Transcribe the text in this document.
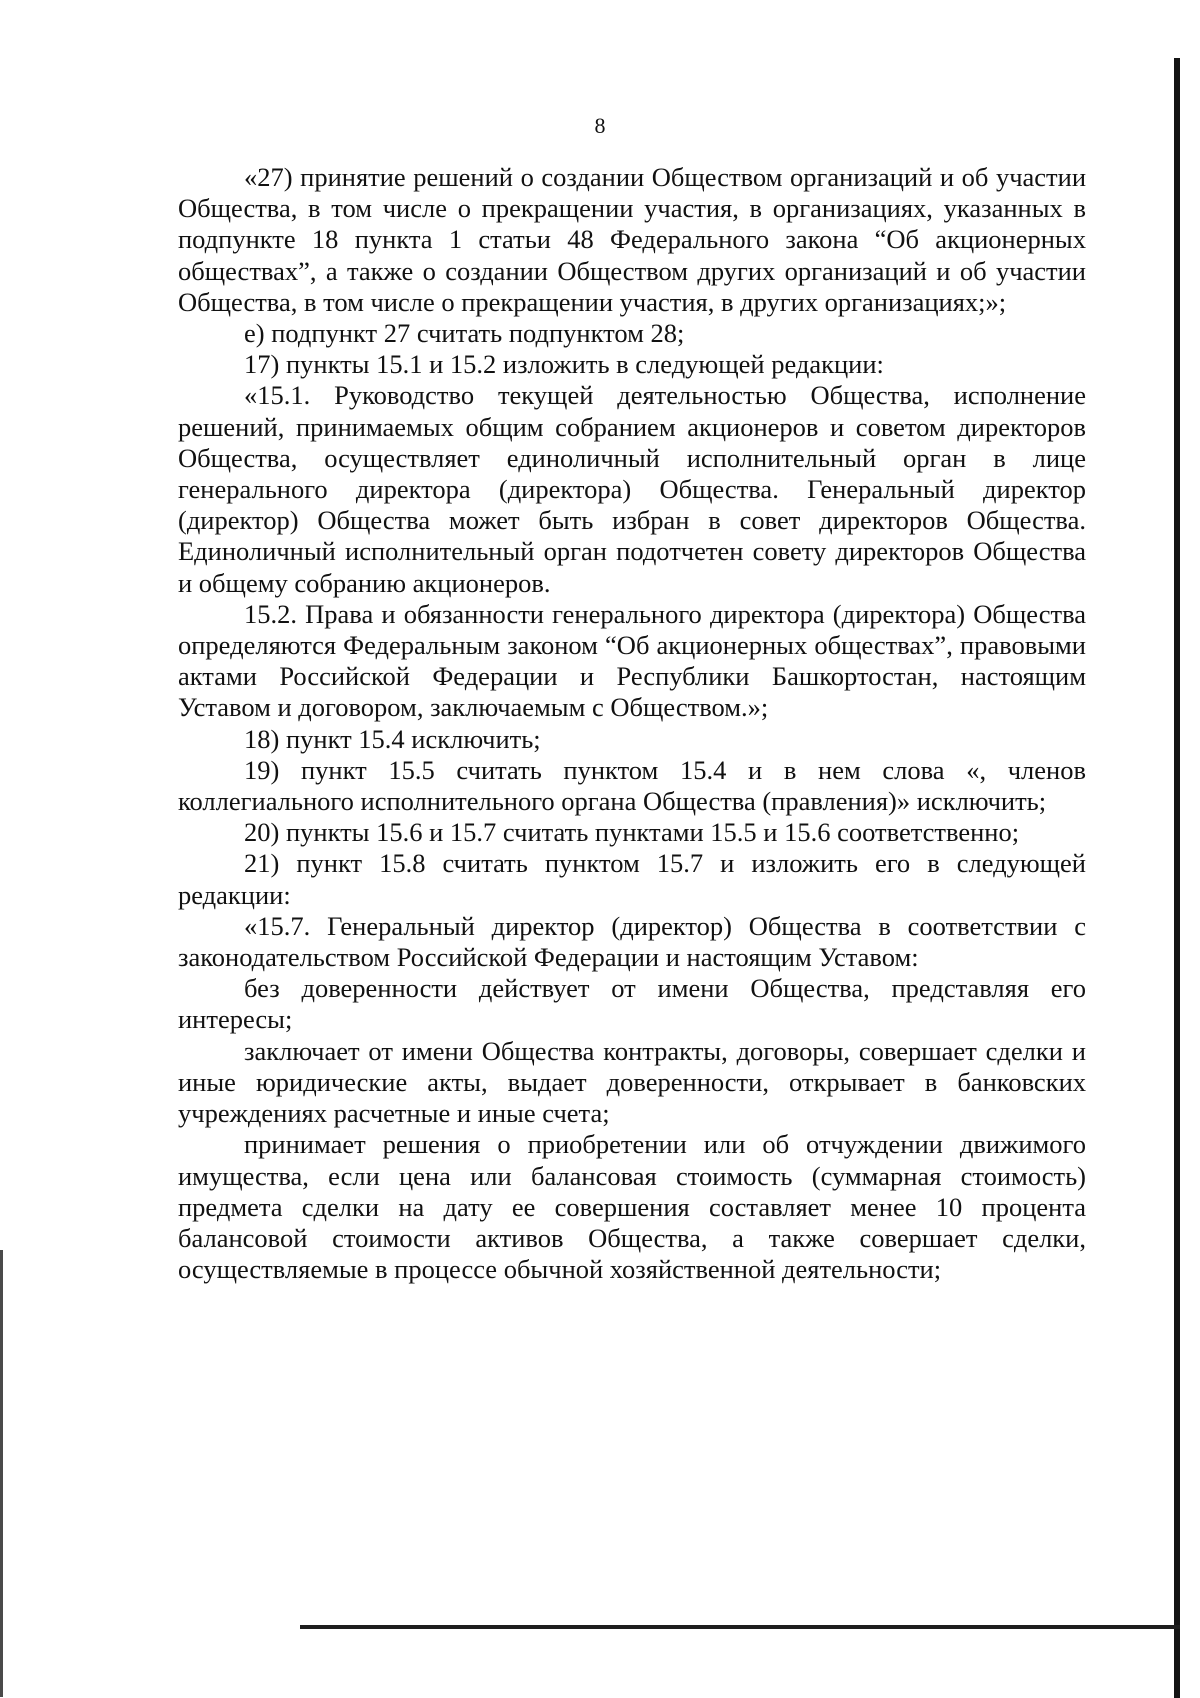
8

«27) принятие решений о создании Обществом организаций и об участии Общества, в том числе о прекращении участия, в организациях, указанных в подпункте 18 пункта 1 статьи 48 Федерального закона “Об акционерных обществах”, а также о создании Обществом других организаций и об участии Общества, в том числе о прекращении участия, в других организациях;»;

е) подпункт 27 считать подпунктом 28;

17) пункты 15.1 и 15.2 изложить в следующей редакции:

«15.1. Руководство текущей деятельностью Общества, исполнение решений, принимаемых общим собранием акционеров и советом директоров Общества, осуществляет единоличный исполнительный орган в лице генерального директора (директора) Общества. Генеральный директор (директор) Общества может быть избран в совет директоров Общества. Единоличный исполнительный орган подотчетен совету директоров Общества и общему собранию акционеров.

15.2. Права и обязанности генерального директора (директора) Общества определяются Федеральным законом “Об акционерных обществах”, правовыми актами Российской Федерации и Республики Башкортостан, настоящим Уставом и договором, заключаемым с Обществом.»;

18) пункт 15.4 исключить;

19) пункт 15.5 считать пунктом 15.4 и в нем слова «, членов коллегиального исполнительного органа Общества (правления)» исключить;

20) пункты 15.6 и 15.7 считать пунктами 15.5 и 15.6 соответственно;

21) пункт 15.8 считать пунктом 15.7 и изложить его в следующей редакции:

«15.7. Генеральный директор (директор) Общества в соответствии с законодательством Российской Федерации и настоящим Уставом:

без доверенности действует от имени Общества, представляя его интересы;

заключает от имени Общества контракты, договоры, совершает сделки и иные юридические акты, выдает доверенности, открывает в банковских учреждениях расчетные и иные счета;

принимает решения о приобретении или об отчуждении движимого имущества, если цена или балансовая стоимость (суммарная стоимость) предмета сделки на дату ее совершения составляет менее 10 процента балансовой стоимости активов Общества, а также совершает сделки, осуществляемые в процессе обычной хозяйственной деятельности;
